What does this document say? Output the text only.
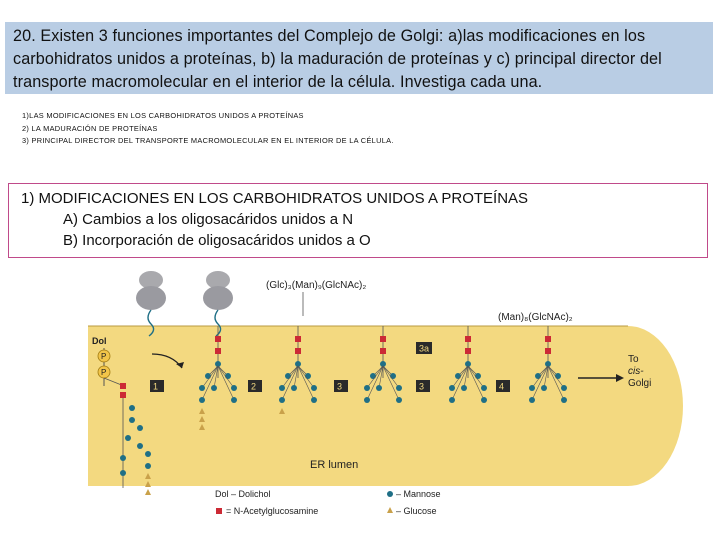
20. Existen 3 funciones importantes del Complejo de Golgi: a)las modificaciones en los
carbohidratos unidos a proteínas, b) la maduración de proteínas y c) principal director del
transporte macromolecular en el interior de la célula. Investiga cada una.
1)LAS MODIFICACIONES EN LOS CARBOHIDRATOS UNIDOS A PROTEÍNAS
2) LA MADURACIÓN DE PROTEÍNAS
3) PRINCIPAL DIRECTOR DEL TRANSPORTE MACROMOLECULAR EN EL INTERIOR DE LA CÉLULA.
1) MODIFICACIONES EN LOS CARBOHIDRATOS UNIDOS A PROTEÍNAS
A) Cambios a los oligosacáridos unidos a N
B) Incorporación de oligosacáridos unidos a O
(Glc)₃(Man)₉(GlcNAc)₂
(Man)₈(GlcNAc)₂
Dol
P
P
1	2	3
3a
3	4
To
cis-
Golgi
ER lumen
Dol – Dolichol	– Mannose
= N-Acetylglucosamine	– Glucose
